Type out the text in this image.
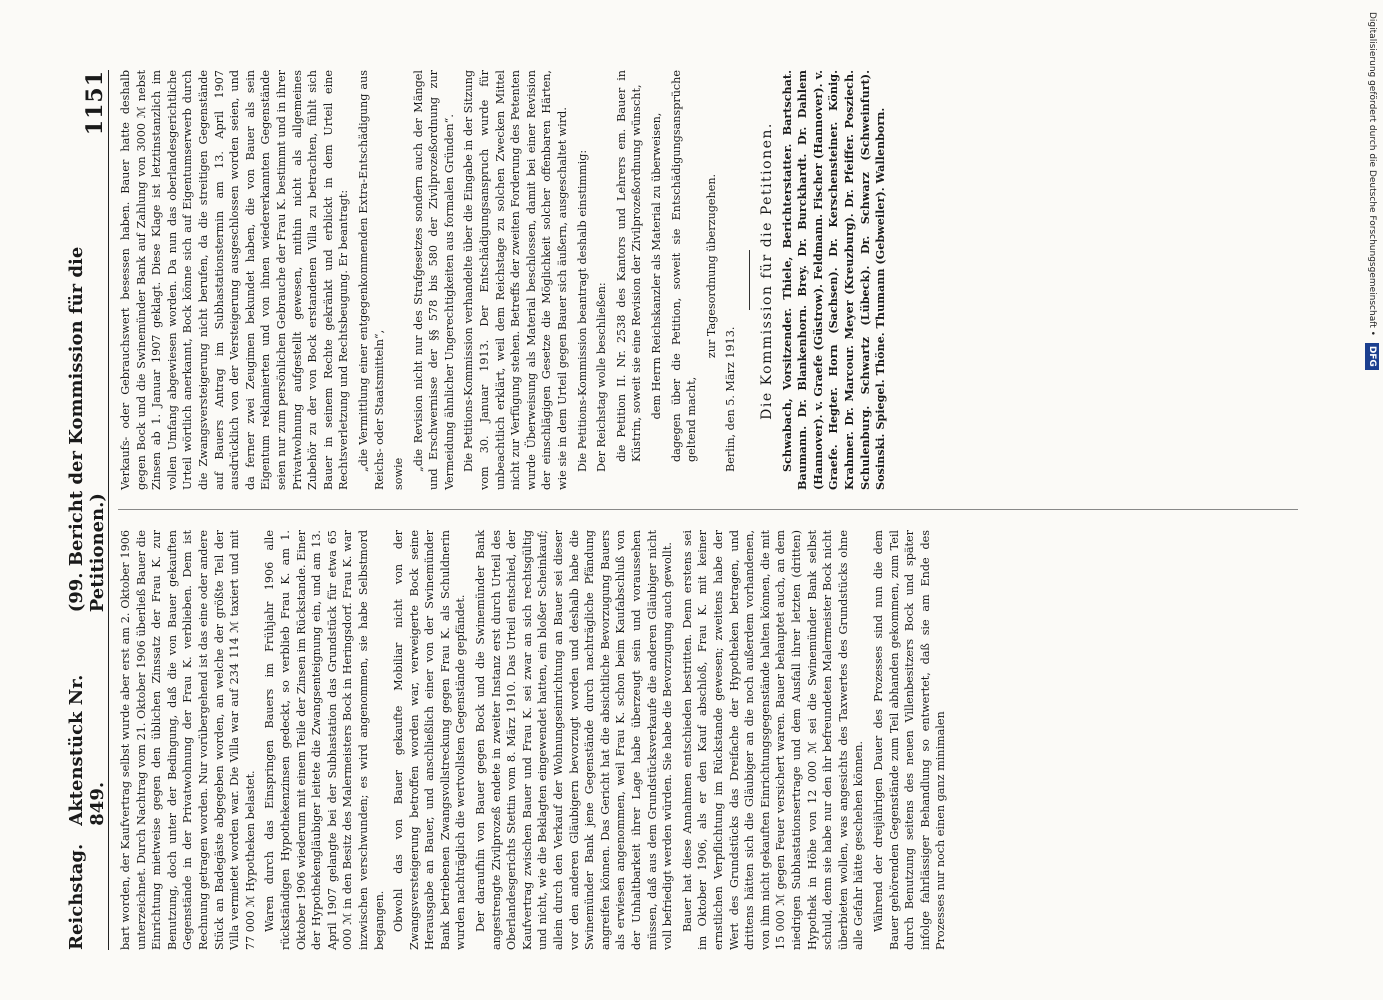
Reichstag.
Aktenstück Nr. 849.
(99. Bericht der Kommission für die Petitionen.)
1151

bart worden, der Kaufvertrag selbst wurde aber erst am 2. Oktober 1906 unterzeichnet. Durch Nachtrag vom 21. Oktober 1906 überließ Bauer die Einrichtung mietweise gegen den üblichen Zinssatz der Frau K. zur Benutzung, doch unter der Bedingung, daß die von Bauer gekauften Gegenstände in der Privatwohnung der Frau K. verblieben. Dem ist Rechnung getragen worden. Nur vorübergehend ist das eine oder andere Stück an Badegäste abgegeben worden, an welche der größte Teil der Villa vermietet worden war. Die Villa war auf 234 114 ℳ taxiert und mit 77 000 ℳ Hypotheken belastet. Waren durch das Einspringen Bauers im Frühjahr 1906 alle rückständigen Hypothekenzinsen gedeckt, so verblieb Frau K. am 1. Oktober 1906 wiederum mit einem Teile der Zinsen im Rückstande. Einer der Hypothekengläubiger leitete die Zwangsenteignung ein, und am 13. April 1907 gelangte bei der Subhastation das Grundstück für etwa 65 000 ℳ in den Besitz des Malermeisters Bock in Heringsdorf. Frau K. war inzwischen verschwunden; es wird angenommen, sie habe Selbstmord begangen. Obwohl das von Bauer gekaufte Mobiliar nicht von der Zwangsversteigerung betroffen worden war, verweigerte Bock seine Herausgabe an Bauer, und anschließlich einer von der Swinemünder Bank betriebenen Zwangsvollstreckung gegen Frau K. als Schuldnerin wurden nachträglich die wertvollsten Gegenstände gepfändet. Der daraufhin von Bauer gegen Bock und die Swinemünder Bank angestrengte Zivilprozeß endete in zweiter Instanz erst durch Urteil des Oberlandesgerichts Stettin vom 8. März 1910. Das Urteil entschied, der Kaufvertrag zwischen Bauer und Frau K. sei zwar an sich rechtsgültig und nicht, wie die Beklagten eingewendet hatten, ein bloßer Scheinkauf; allein durch den Verkauf der Wohnungseinrichtung an Bauer sei dieser vor den anderen Gläubigern bevorzugt worden und deshalb habe die Swinemünder Bank jene Gegenstände durch nachträgliche Pfändung angreifen können. Das Gericht hat die absichtliche Bevorzugung Bauers als erwiesen angenommen, weil Frau K. schon beim Kaufabschluß von der Unhaltbarkeit ihrer Lage habe überzeugt sein und voraussehen müssen, daß aus dem Grundstücksverkaufe die anderen Gläubiger nicht voll befriedigt werden würden. Sie habe die Bevorzugung auch gewollt. Bauer hat diese Annahmen entschieden bestritten. Denn erstens sei im Oktober 1906, als er den Kauf abschloß, Frau K. mit keiner ernstlichen Verpflichtung im Rückstande gewesen; zweitens habe der Wert des Grundstücks das Dreifache der Hypotheken betragen, und drittens hätten sich die Gläubiger an die noch außerdem vorhandenen, von ihm nicht gekauften Einrichtungsgegenstände halten können, die mit 15 000 ℳ gegen Feuer versichert waren. Bauer behauptet auch, an dem niedrigen Subhastationsertrage und dem Ausfall ihrer letzten (dritten) Hypothek in Höhe von 12 000 ℳ sei die Swinemünder Bank selbst schuld, denn sie habe nur den ihr befreundeten Malermeister Bock nicht überbieten wollen, was angesichts des Taxwertes des Grundstücks ohne alle Gefahr hätte geschehen können. Während der dreijährigen Dauer des Prozesses sind nun die dem Bauer gehörenden Gegenstände zum Teil abhanden gekommen, zum Teil durch Benutzung seitens des neuen Villenbesitzers Bock und später infolge fahrlässiger Behandlung so entwertet, daß sie am Ende des Prozesses nur noch einen ganz minimalen

Verkaufs- oder Gebrauchswert besessen haben. Bauer hatte deshalb gegen Bock und die Swinemünder Bank auf Zahlung von 3000 ℳ nebst Zinsen ab 1. Januar 1907 geklagt. Diese Klage ist letztinstanzlich im vollen Umfang abgewiesen worden. Da nun das oberlandesgerichtliche Urteil wörtlich anerkannt, Bock könne sich auf Eigentumserwerb durch die Zwangsversteigerung nicht berufen, da die streitigen Gegenstände auf Bauers Antrag im Subhastationstermin am 13. April 1907 ausdrücklich von der Versteigerung ausgeschlossen worden seien, und da ferner zwei Zeugimen bekundet haben, die von Bauer als sein Eigentum reklamierten und von ihnen wiedererkannten Gegenstände seien nur zum persönlichen Gebrauche der Frau K. bestimmt und in ihrer Privatwohnung aufgestellt gewesen, mithin nicht als allgemeines Zubehör zu der von Bock erstandenen Villa zu betrachten, fühlt sich Bauer in seinem Rechte gekränkt und erblickt in dem Urteil eine Rechtsverletzung und Rechtsbeugung. Er beantragt: „die Vermittlung einer entgegenkommenden Extra-Entschädigung aus Reichs- oder Staatsmitteln“, sowie

„die Revision nicht nur des Strafgesetzes sondern auch der Mängel und Erschwernisse der §§ 578 bis 580 der Zivilprozeßordnung zur Vermeidung ähnlicher Ungerechtigkeiten aus formalen Gründen“. Die Petitions-Kommission verhandelte über die Eingabe in der Sitzung vom 30. Januar 1913. Der Entschädigungsanspruch wurde für unbeachtlich erklärt, weil dem Reichstage zu solchen Zwecken Mittel nicht zur Verfügung stehen. Betreffs der zweiten Forderung des Petenten wurde Überweisung als Material beschlossen, damit bei einer Revision der einschlägigen Gesetze die Möglichkeit solcher offenbaren Härten, wie sie in dem Urteil gegen Bauer sich äußern, ausgeschaltet wird. Die Petitions-Kommission beantragt deshalb einstimmig: Der Reichstag wolle beschließen: die Petition II. Nr. 2538 des Kantors und Lehrers em. Bauer in Küstrin, soweit sie eine Revision der Zivilprozeßordnung wünscht, dem Herrn Reichskanzler als Material zu überweisen, dagegen über die Petition, soweit sie Entschädigungsansprüche geltend macht,

zur Tagesordnung überzugehen.

Berlin, den 5. März 1913. Die Kommission für die Petitionen. Schwabach, Vorsitzender. Thiele, Berichterstatter. Bartschat. Baumann. Dr. Blankenhorn. Brey. Dr. Burckhardt. Dr. Dahlem (Hannover). v. Graefe (Güstrow). Feldmann. Fischer (Hannover). v. Graefe. Hegter. Horn (Sachsen). Dr. Kerschensteiner. König. Krahmer. Dr. Marcour. Meyer (Kreuzburg). Dr. Pfeiffer. Posziech. Schulenburg. Schwartz (Lübeck). Dr. Schwarz (Schweinfurt). Sosinski. Spiegel. Thöne. Thumann (Gebweiler). Wallenborn.	Digitalisierung gefördert durch die Deutsche Forschungsgemeinschaft • DFG
